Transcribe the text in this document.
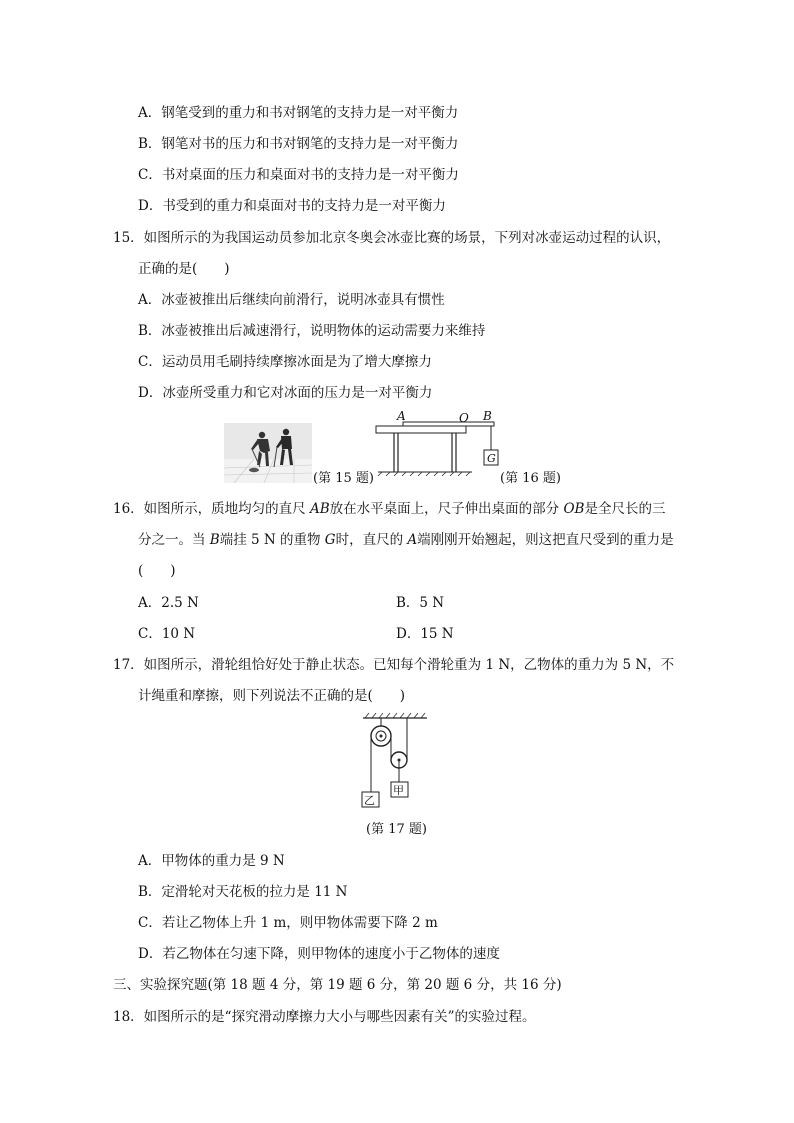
A．钢笔受到的重力和书对钢笔的支持力是一对平衡力
B．钢笔对书的压力和书对钢笔的支持力是一对平衡力
C．书对桌面的压力和桌面对书的支持力是一对平衡力
D．书受到的重力和桌面对书的支持力是一对平衡力
15．如图所示的为我国运动员参加北京冬奥会冰壶比赛的场景，下列对冰壶运动过程的认识，
正确的是(　　)
A．冰壶被推出后继续向前滑行，说明冰壶具有惯性
B．冰壶被推出后减速滑行，说明物体的运动需要力来维持
C．运动员用毛刷持续摩擦冰面是为了增大摩擦力
D．冰壶所受重力和它对冰面的压力是一对平衡力
(第 15 题)
A	O B
G
(第 16 题)
16．如图所示，质地均匀的直尺 AB放在水平桌面上，尺子伸出桌面的部分 OB是全尺长的三
分之一。当 B端挂 5 N 的重物 G时，直尺的 A端刚刚开始翘起，则这把直尺受到的重力是
(　　)
A．2.5 N	B．5 N
C．10 N	D．15 N
17．如图所示，滑轮组恰好处于静止状态。已知每个滑轮重为 1 N，乙物体的重力为 5 N，不
计绳重和摩擦，则下列说法不正确的是(　　)
乙
甲
(第 17 题)
A．甲物体的重力是 9 N
B．定滑轮对天花板的拉力是 11 N
C．若让乙物体上升 1 m，则甲物体需要下降 2 m
D．若乙物体在匀速下降，则甲物体的速度小于乙物体的速度
三、实验探究题(第 18 题 4 分，第 19 题 6 分，第 20 题 6 分，共 16 分)
18．如图所示的是“探究滑动摩擦力大小与哪些因素有关”的实验过程。
